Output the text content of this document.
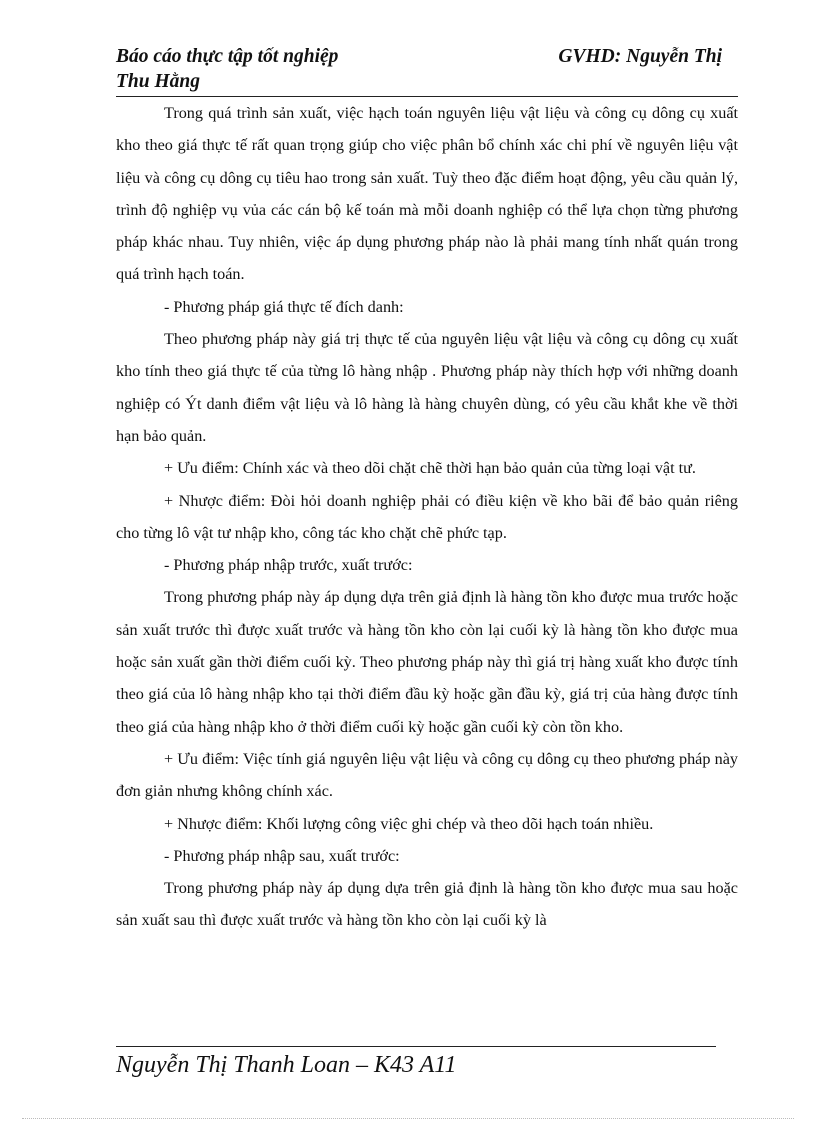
Báo cáo thực tập tốt nghiệp	GVHD: Nguyễn Thị
Thu Hằng

Trong quá trình sản xuất, việc hạch toán nguyên liệu vật liệu và công cụ dông cụ xuất kho theo giá thực tế rất quan trọng giúp cho việc phân bổ chính xác chi phí về nguyên liệu vật liệu và công cụ dông cụ tiêu hao trong sản xuất. Tuỳ theo đặc điểm hoạt động, yêu cầu quản lý, trình độ nghiệp vụ vủa các cán bộ kế toán mà mỗi doanh nghiệp có thể lựa chọn từng phương pháp khác nhau. Tuy nhiên, việc áp dụng phương pháp nào là phải mang tính nhất quán trong quá trình hạch toán.

- Phương pháp giá thực tế đích danh:

Theo phương pháp này giá trị thực tế của nguyên liệu vật liệu và công cụ dông cụ xuất kho tính theo giá thực tế của từng lô hàng nhập . Phương pháp này thích hợp với những doanh nghiệp có Ýt danh điểm vật liệu và lô hàng là hàng chuyên dùng, có yêu cầu khắt khe về thời hạn bảo quản.

+ Ưu điểm: Chính xác và theo dõi chặt chẽ thời hạn bảo quản của từng loại vật tư.

+ Nhược điểm: Đòi hỏi doanh nghiệp phải có điều kiện về kho bãi để bảo quản riêng cho từng lô vật tư nhập kho, công tác kho chặt chẽ phức tạp.

- Phương pháp nhập trước, xuất trước:

Trong phương pháp này áp dụng dựa trên giả định là hàng tồn kho được mua trước hoặc sản xuất trước thì được xuất trước và hàng tồn kho còn lại cuối kỳ là hàng tồn kho được mua hoặc sản xuất gần thời điểm cuối kỳ. Theo phương pháp này thì giá trị hàng xuất kho được tính theo giá của lô hàng nhập kho tại thời điểm đầu kỳ hoặc gần đầu kỳ, giá trị của hàng được tính theo giá của hàng nhập kho ở thời điểm cuối kỳ hoặc gần cuối kỳ còn tồn kho.

+ Ưu điểm: Việc tính giá nguyên liệu vật liệu và công cụ dông cụ theo phương pháp này đơn giản nhưng không chính xác.

+ Nhược điểm: Khối lượng công việc ghi chép và theo dõi hạch toán nhiều.

- Phương pháp nhập sau, xuất trước:

Trong phương pháp này áp dụng dựa trên giả định là hàng tồn kho được mua sau hoặc sản xuất sau thì được xuất trước và hàng tồn kho còn lại cuối kỳ là

Nguyễn Thị Thanh Loan – K43 A11
